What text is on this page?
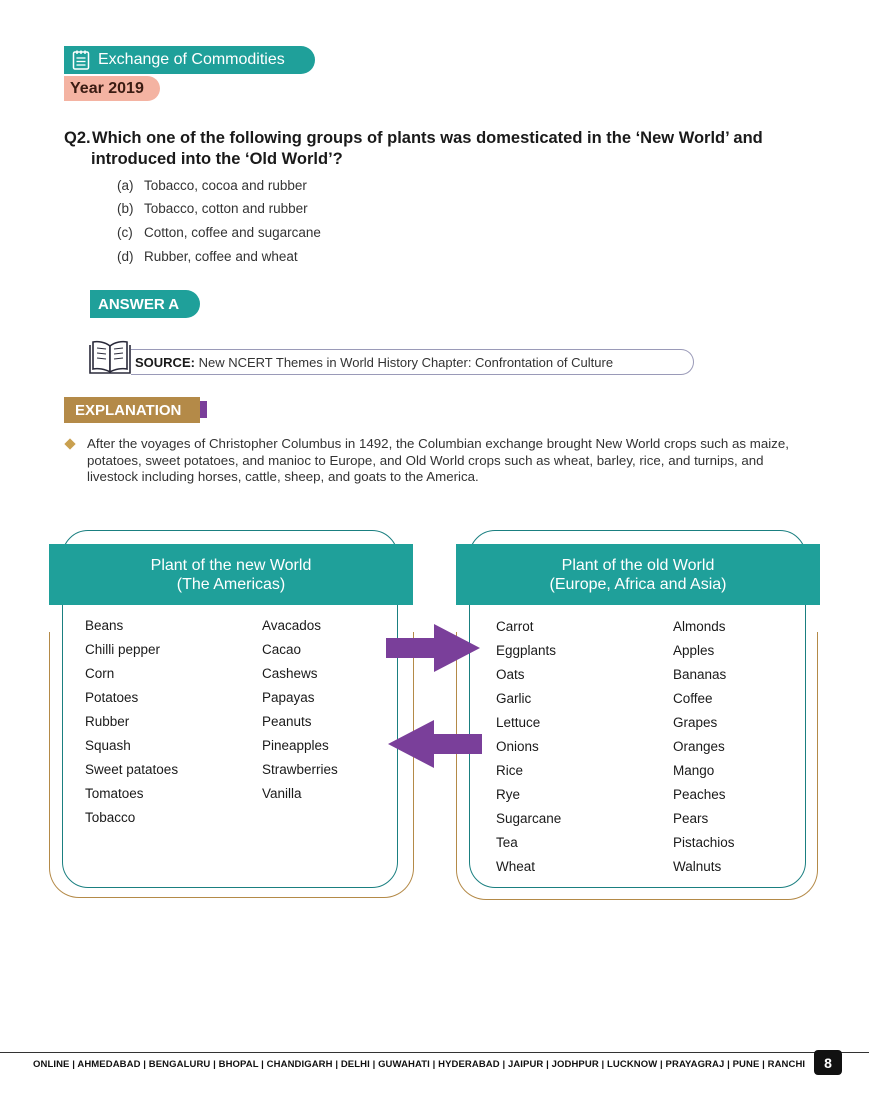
Exchange of Commodities
Year 2019
Q2.Which one of the following groups of plants was domesticated in the ‘New World’ and
introduced into the ‘Old World’?
(a) Tobacco, cocoa and rubber
(b) Tobacco, cotton and rubber
(c) Cotton, coffee and sugarcane
(d) Rubber, coffee and wheat
ANSWER A
SOURCE: New NCERT Themes in World History Chapter: Confrontation of Culture
EXPLANATION
After the voyages of Christopher Columbus in 1492, the Columbian exchange brought New World crops such as maize, potatoes, sweet potatoes, and manioc to Europe, and Old World crops such as wheat, barley, rice, and turnips, and livestock including horses, cattle, sheep, and goats to the America.
Plant of the new World
(The Americas)
Beans
Chilli pepper
Corn
Potatoes
Rubber
Squash
Sweet patatoes
Tomatoes
Tobacco
Avacados
Cacao
Cashews
Papayas
Peanuts
Pineapples
Strawberries
Vanilla
Plant of the old World
(Europe, Africa and Asia)
Carrot
Eggplants
Oats
Garlic
Lettuce
Onions
Rice
Rye
Sugarcane
Tea
Wheat
Almonds
Apples
Bananas
Coffee
Grapes
Oranges
Mango
Peaches
Pears
Pistachios
Walnuts
ONLINE | AHMEDABAD | BENGALURU | BHOPAL | CHANDIGARH | DELHI | GUWAHATI | HYDERABAD | JAIPUR | JODHPUR | LUCKNOW | PRAYAGRAJ | PUNE | RANCHI	8
